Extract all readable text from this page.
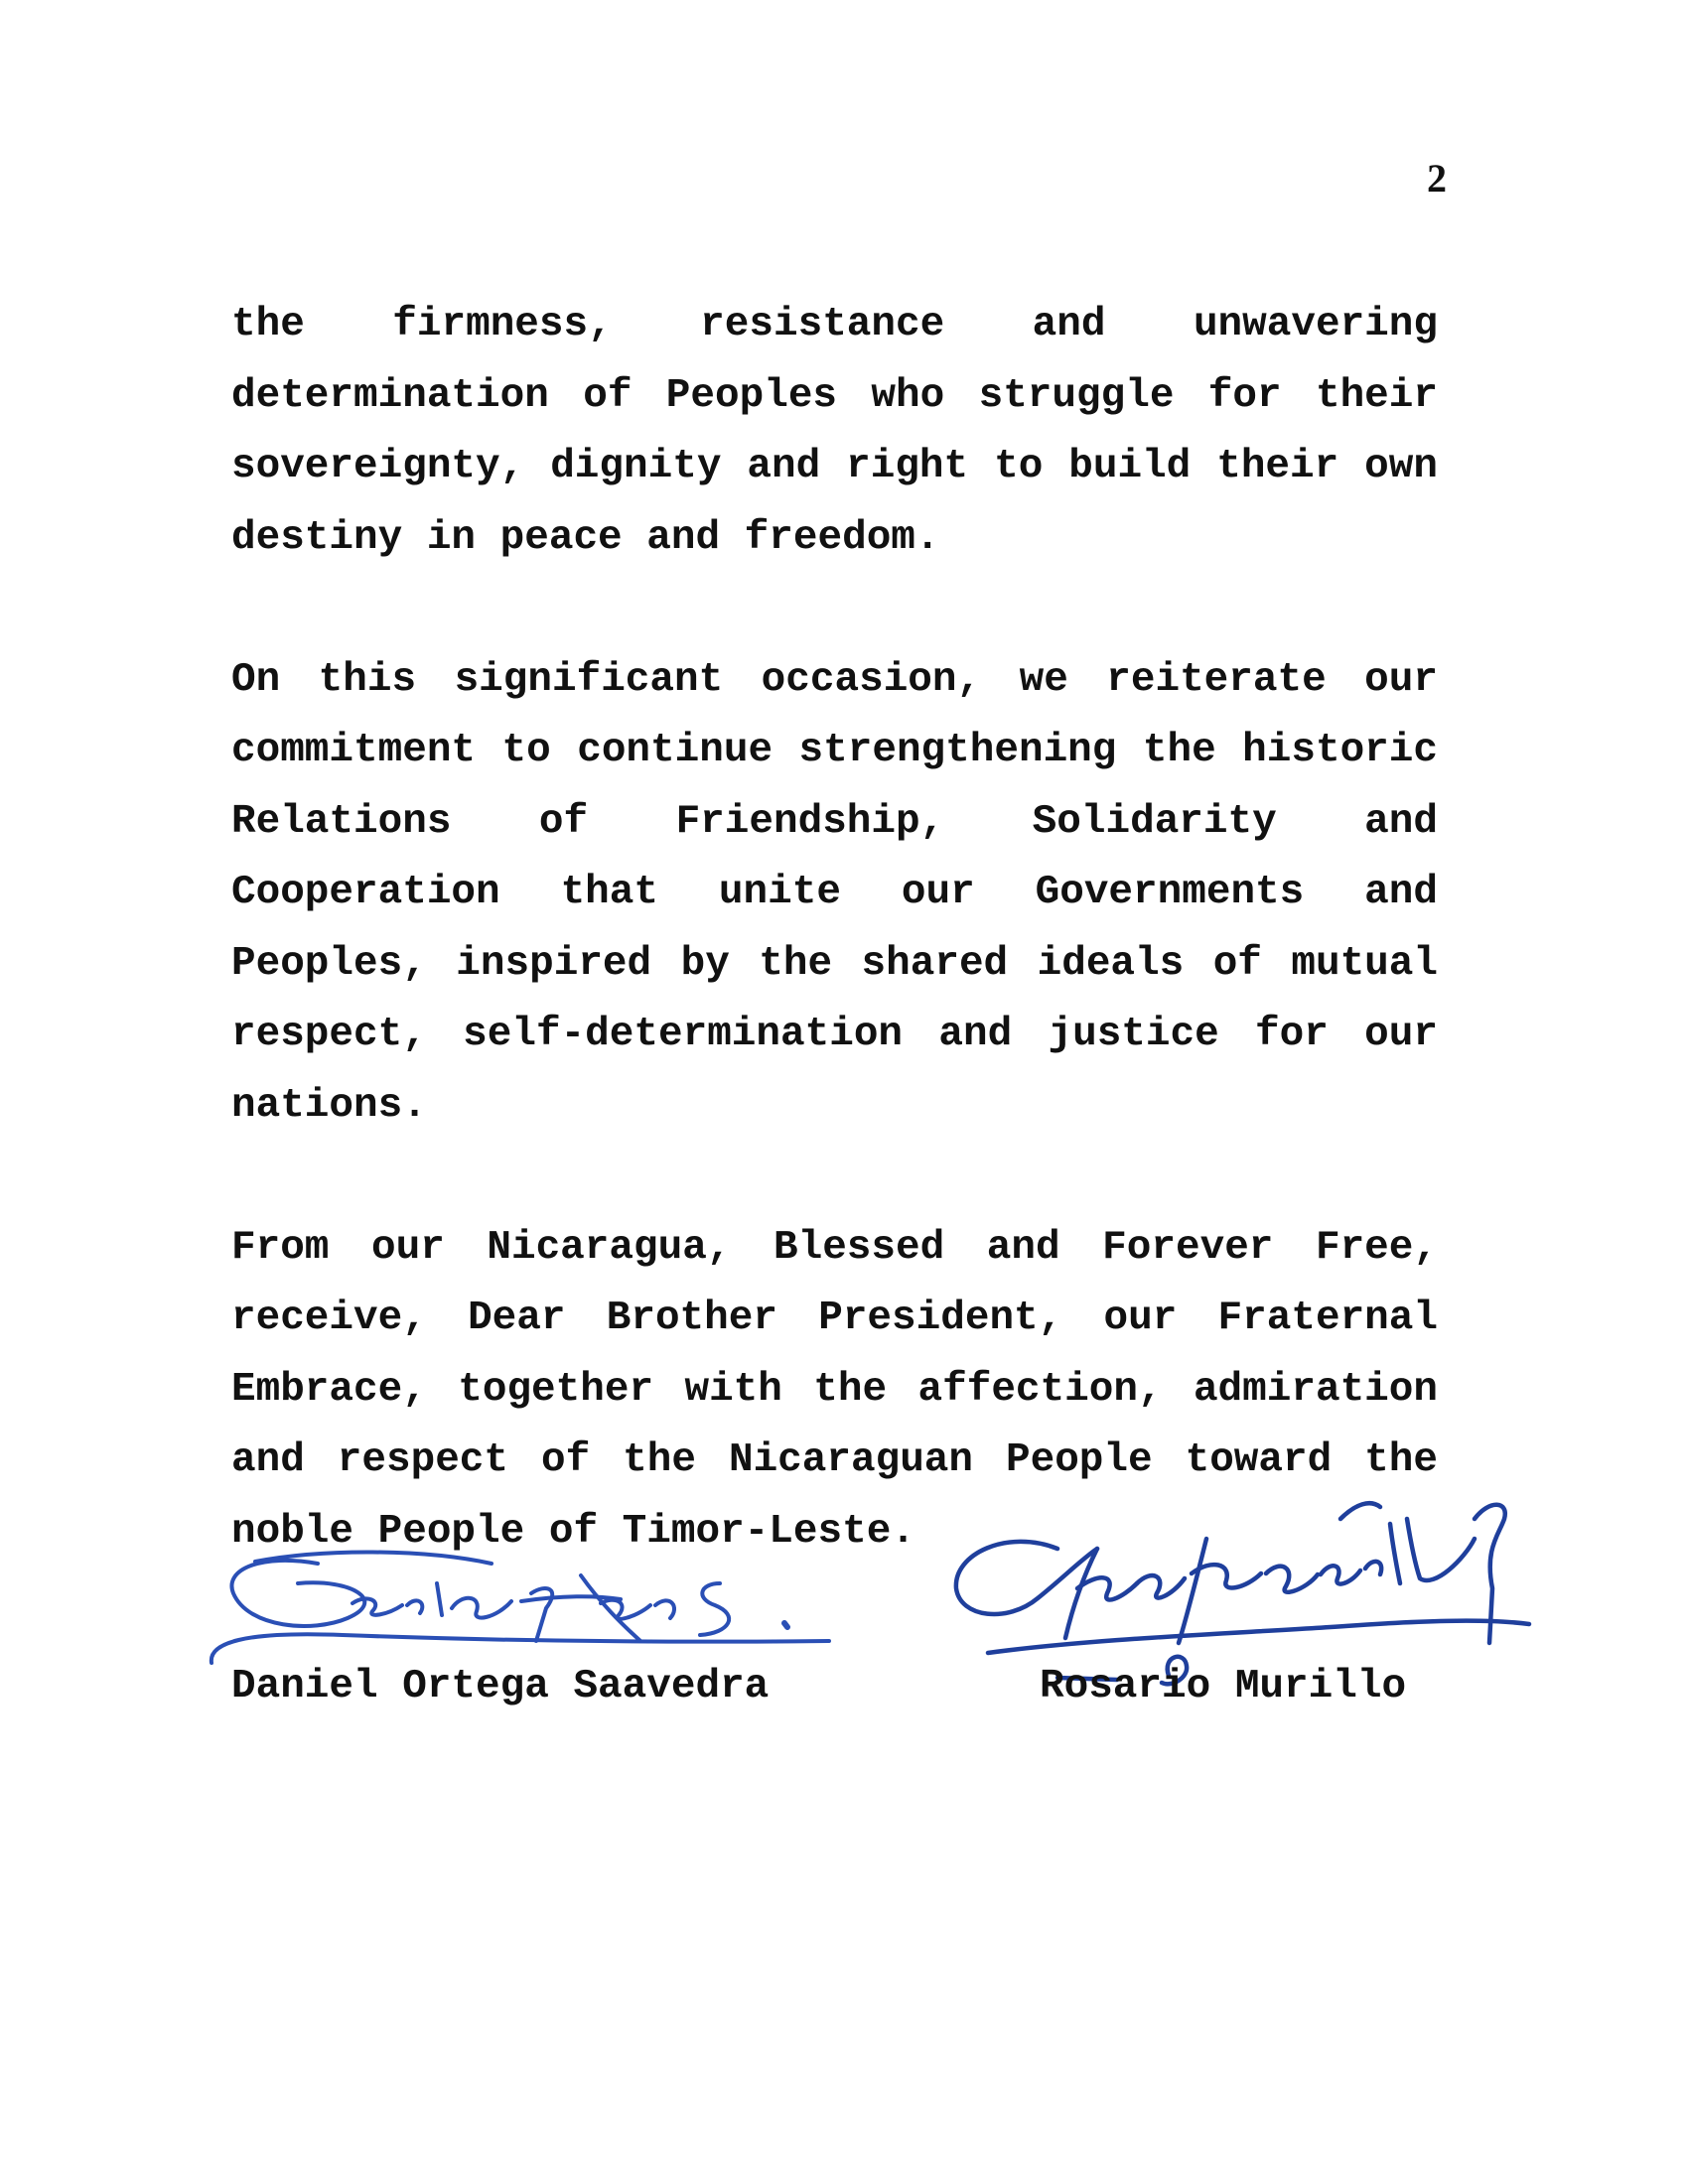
2

the firmness, resistance and unwavering determination of Peoples who struggle for their sovereignty, dignity and right to build their own destiny in peace and freedom.

On this significant occasion, we reiterate our commitment to continue strengthening the historic Relations of Friendship, Solidarity and Cooperation that unite our Governments and Peoples, inspired by the shared ideals of mutual respect, self-determination and justice for our nations.

From our Nicaragua, Blessed and Forever Free, receive, Dear Brother President, our Fraternal Embrace, together with the affection, admiration and respect of the Nicaraguan People toward the noble People of Timor-Leste.

Daniel Ortega Saavedra	Rosario Murillo
